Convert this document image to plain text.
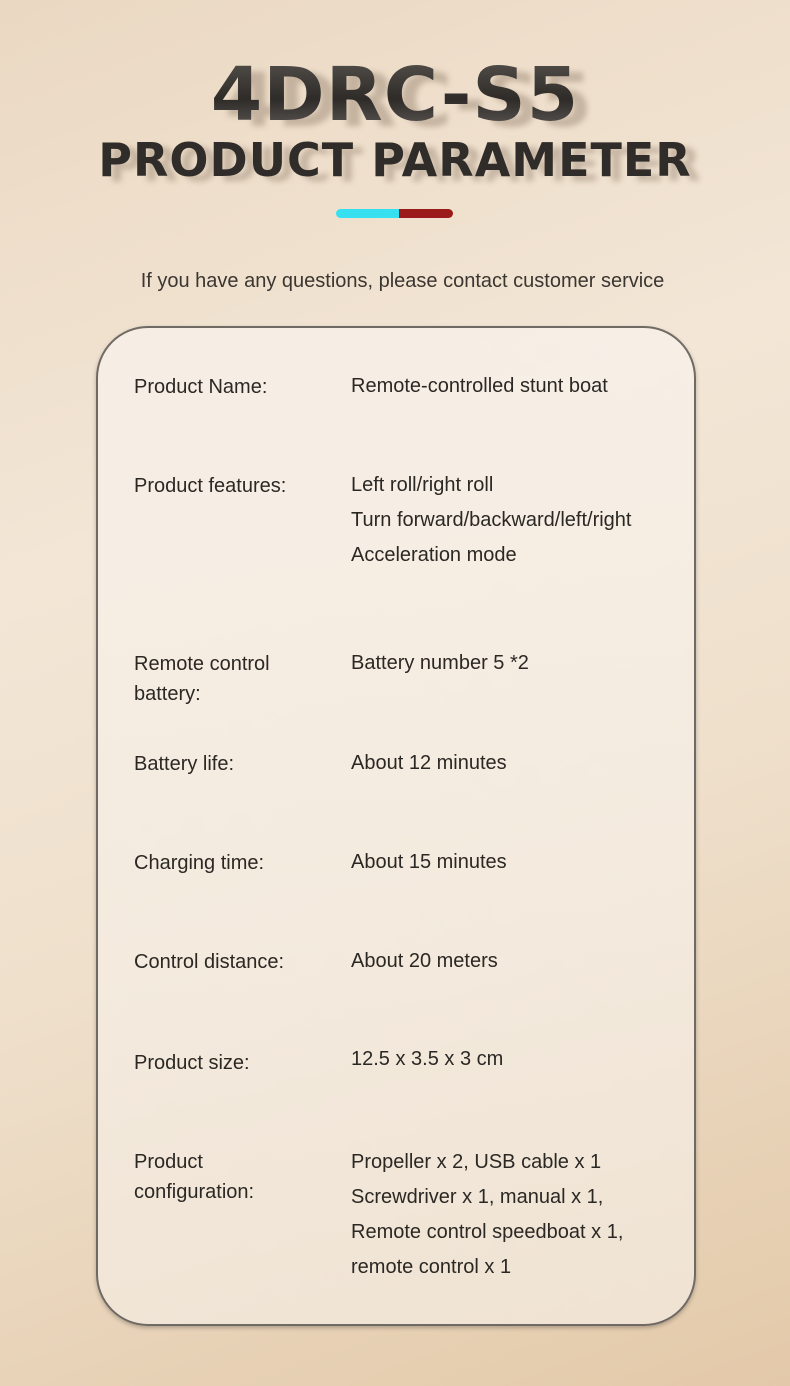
4DRC-S5
PRODUCT PARAMETER
If you have any questions, please contact customer service
Product Name:	Remote-controlled stunt boat
Product features:	Left roll/right roll
Turn forward/backward/left/right
Acceleration mode
Remote control battery:
Battery number 5 *2
Battery life:	About 12 minutes
Charging time:	About 15 minutes
Control distance:	About 20 meters
Product size:	12.5 x 3.5 x 3 cm
Product configuration:
Propeller x 2, USB cable x 1
Screwdriver x 1, manual x 1,
Remote control speedboat x 1,
remote control x 1
